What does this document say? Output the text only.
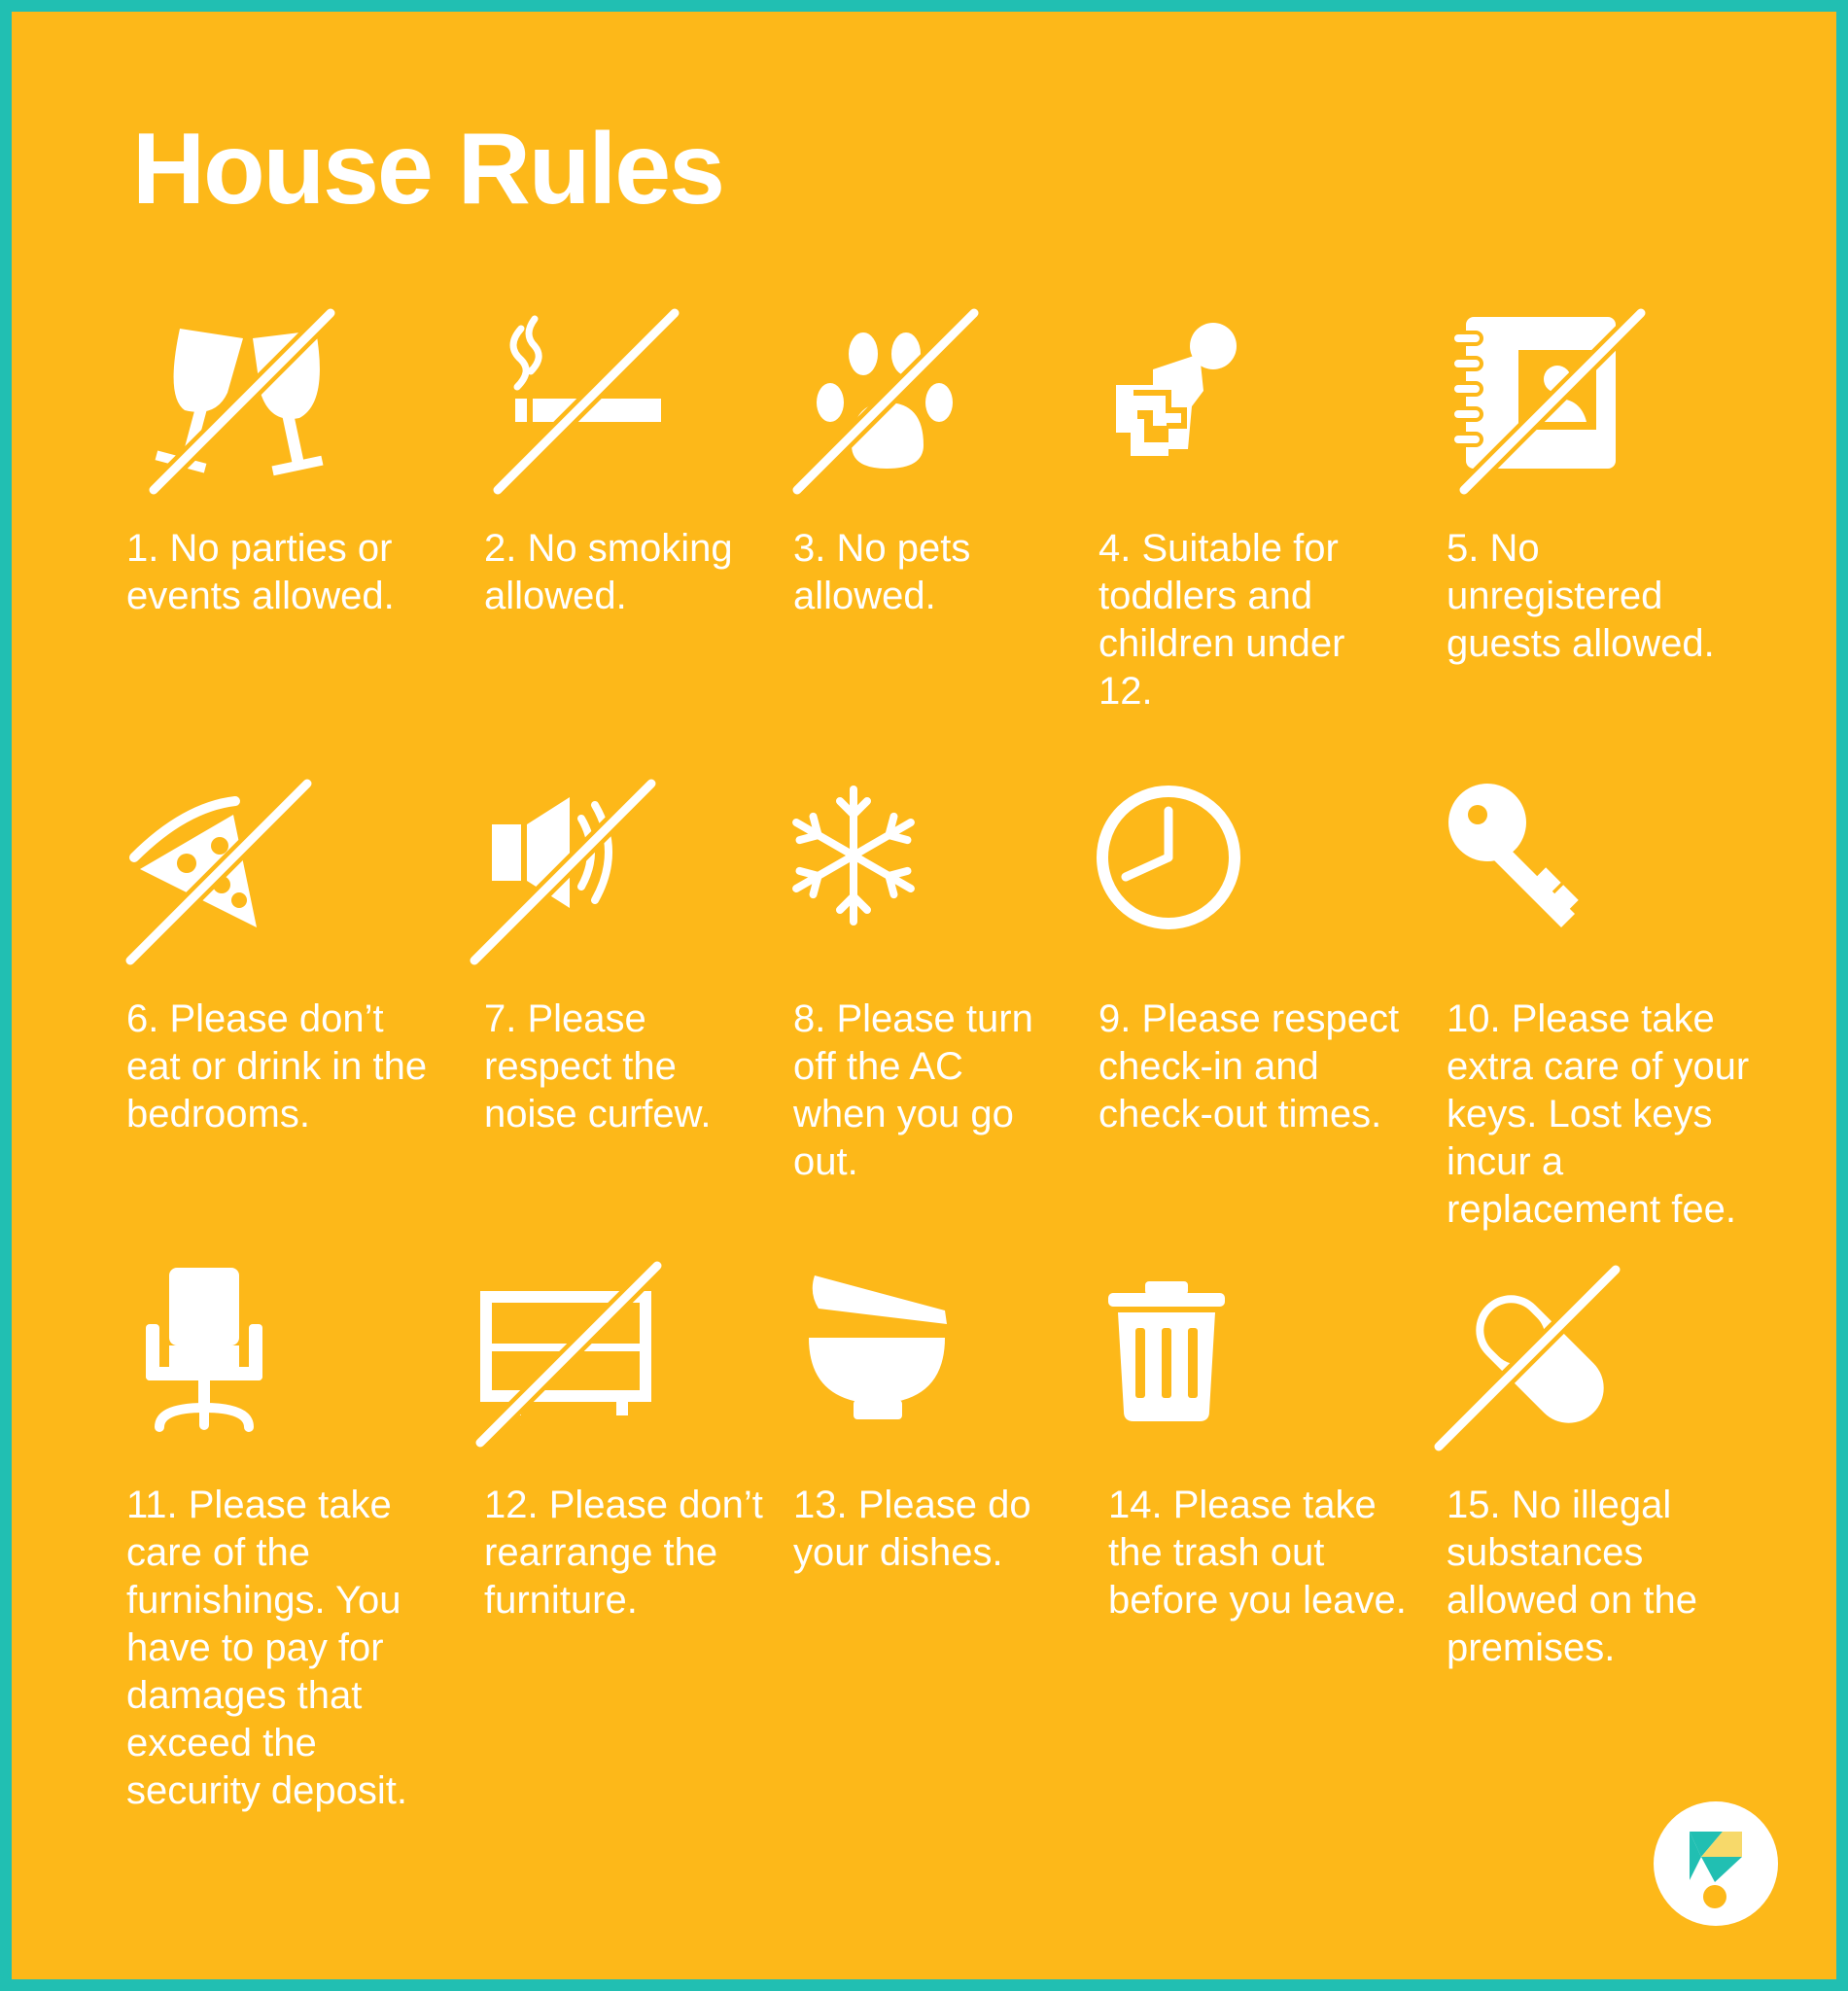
House Rules
1. No parties or events allowed.
2. No smoking allowed.
3. No pets allowed.
4. Suitable for toddlers and children under 12.
5. No unregistered guests allowed.
6. Please don’t eat or drink in the bedrooms.
7. Please respect the noise curfew.
8. Please turn off the AC when you go out.
9. Please respect check-in and check-out times.
10. Please take extra care of your keys. Lost keys incur a replacement fee.
11. Please take care of the furnishings. You have to pay for damages that exceed the security deposit.
12. Please don’t rearrange the furniture.
13. Please do your dishes.
14. Please take the trash out before you leave.
15. No illegal substances allowed on the premises.
